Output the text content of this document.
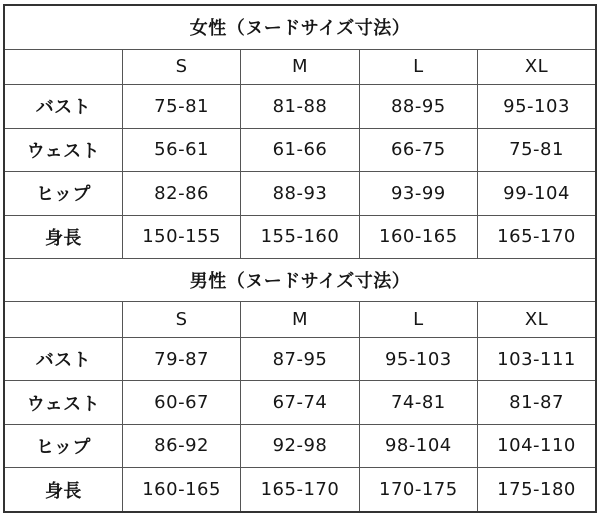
女性（ヌードサイズ寸法）				
	S	M	L	XL
バスト	75-81	81-88	88-95	95-103
ウェスト	56-61	61-66	66-75	75-81
ヒップ	82-86	88-93	93-99	99-104
身長	150-155	155-160	160-165	165-170
男性（ヌードサイズ寸法）				
	S	M	L	XL
バスト	79-87	87-95	95-103	103-111
ウェスト	60-67	67-74	74-81	81-87
ヒップ	86-92	92-98	98-104	104-110
身長	160-165	165-170	170-175	175-180
